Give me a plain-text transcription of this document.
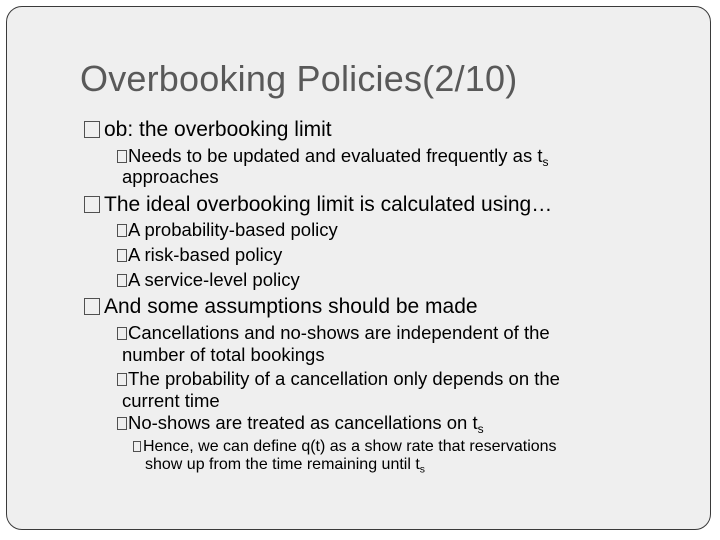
Overbooking Policies(2/10)
ob: the overbooking limit
Needs to be updated and evaluated frequently as $t_s$
approaches
The ideal overbooking limit is calculated using…
A probability-based policy
A risk-based policy
A service-level policy
And some assumptions should be made
Cancellations and no-shows are independent of the
number of total bookings
The probability of a cancellation only depends on the
current time
No-shows are treated as cancellations on $t_s$
Hence, we can define q(t) as a show rate that reservations
show up from the time remaining until $t_s$
